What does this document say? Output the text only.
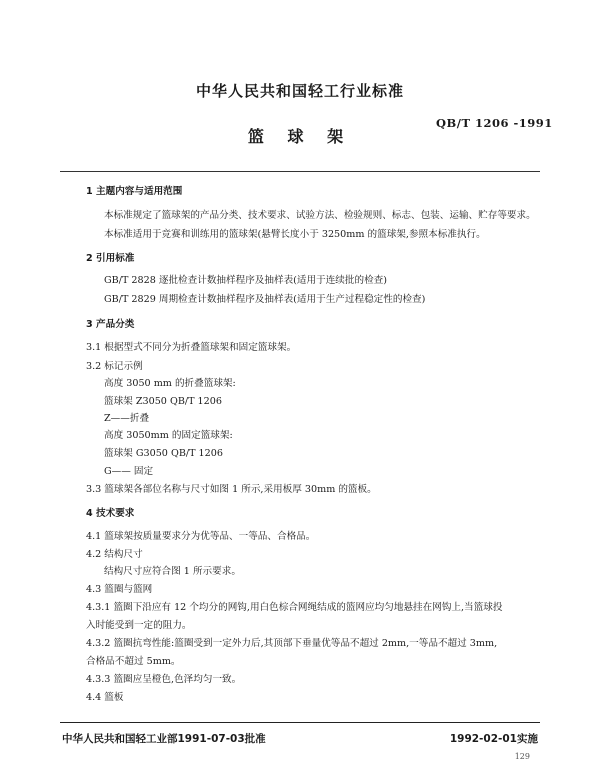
中华人民共和国轻工行业标准
QB/T 1206 -1991
篮 球 架
1 主题内容与适用范围
本标准规定了篮球架的产品分类、技术要求、试验方法、检验规则、标志、包装、运输、贮存等要求。
本标准适用于竞赛和训练用的篮球架(悬臂长度小于 3250mm 的篮球架,参照本标准执行。
2 引用标准
GB/T 2828 逐批检查计数抽样程序及抽样表(适用于连续批的检查)
GB/T 2829 周期检查计数抽样程序及抽样表(适用于生产过程稳定性的检查)
3 产品分类
3.1 根据型式不同分为折叠篮球架和固定篮球架。
3.2 标记示例
高度 3050 mm 的折叠篮球架:
篮球架 Z3050 QB/T 1206
Z——折叠
高度 3050mm 的固定篮球架:
篮球架 G3050 QB/T 1206
G—— 固定
3.3 篮球架各部位名称与尺寸如图 1 所示,采用板厚 30mm 的篮板。
4 技术要求
4.1 篮球架按质量要求分为优等品、一等品、合格品。
4.2 结构尺寸
结构尺寸应符合图 1 所示要求。
4.3 篮圈与篮网
4.3.1 篮圈下沿应有 12 个均分的网钩,用白色棕合网绳结成的篮网应均匀地悬挂在网钩上,当篮球投
入时能受到一定的阻力。
4.3.2 篮圈抗弯性能:篮圈受到一定外力后,其顶部下垂量优等品不超过 2mm,一等品不超过 3mm,
合格品不超过 5mm。
4.3.3 篮圈应呈橙色,色泽均匀一致。
4.4 篮板
中华人民共和国轻工业部1991-07-03批准	1992-02-01实施
129
